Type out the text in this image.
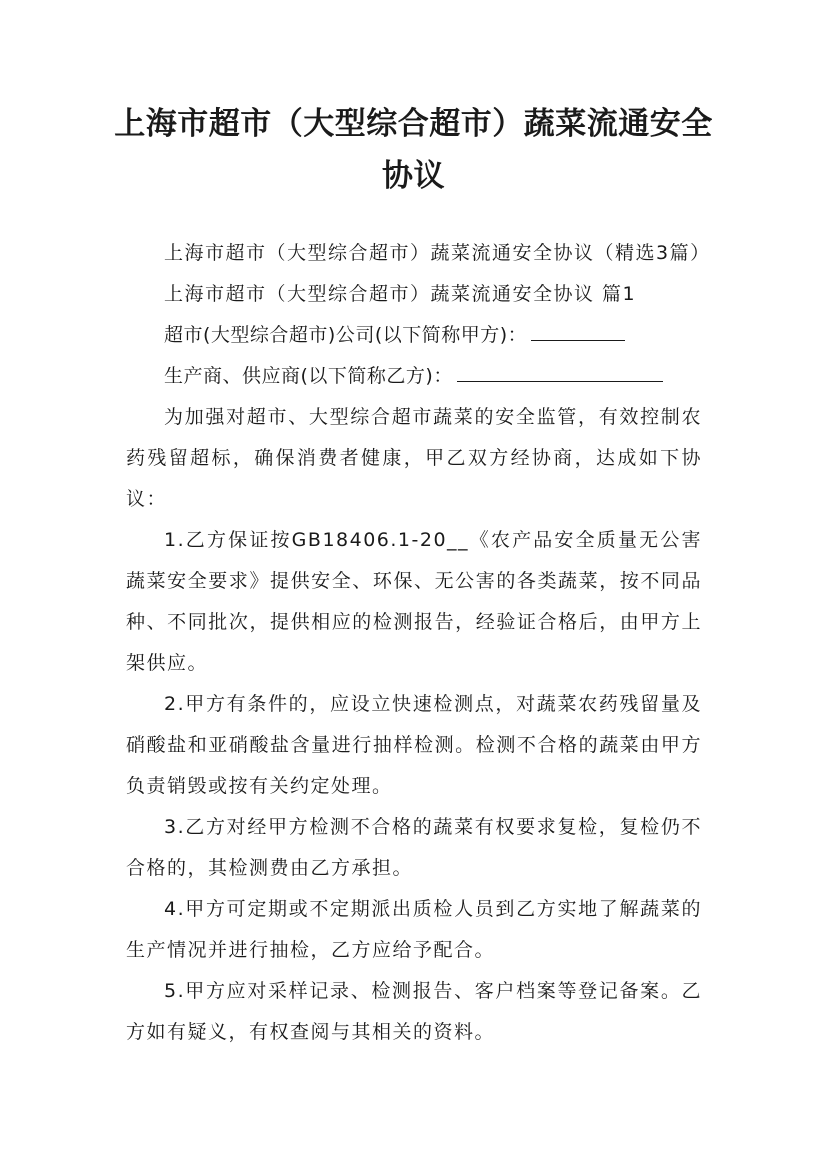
上海市超市（大型综合超市）蔬菜流通安全
协议

上海市超市（大型综合超市）蔬菜流通安全协议（精选3篇）

上海市超市（大型综合超市）蔬菜流通安全协议 篇1

超市(大型综合超市)公司(以下简称甲方)：

生产商、供应商(以下简称乙方)：

为加强对超市、大型综合超市蔬菜的安全监管，有效控制农药残留超标，确保消费者健康，甲乙双方经协商，达成如下协议：

1.乙方保证按GB18406.1-20__《农产品安全质量无公害蔬菜安全要求》提供安全、环保、无公害的各类蔬菜，按不同品种、不同批次，提供相应的检测报告，经验证合格后，由甲方上架供应。

2.甲方有条件的，应设立快速检测点，对蔬菜农药残留量及硝酸盐和亚硝酸盐含量进行抽样检测。检测不合格的蔬菜由甲方负责销毁或按有关约定处理。

3.乙方对经甲方检测不合格的蔬菜有权要求复检，复检仍不合格的，其检测费由乙方承担。

4.甲方可定期或不定期派出质检人员到乙方实地了解蔬菜的生产情况并进行抽检，乙方应给予配合。

5.甲方应对采样记录、检测报告、客户档案等登记备案。乙方如有疑义，有权查阅与其相关的资料。
